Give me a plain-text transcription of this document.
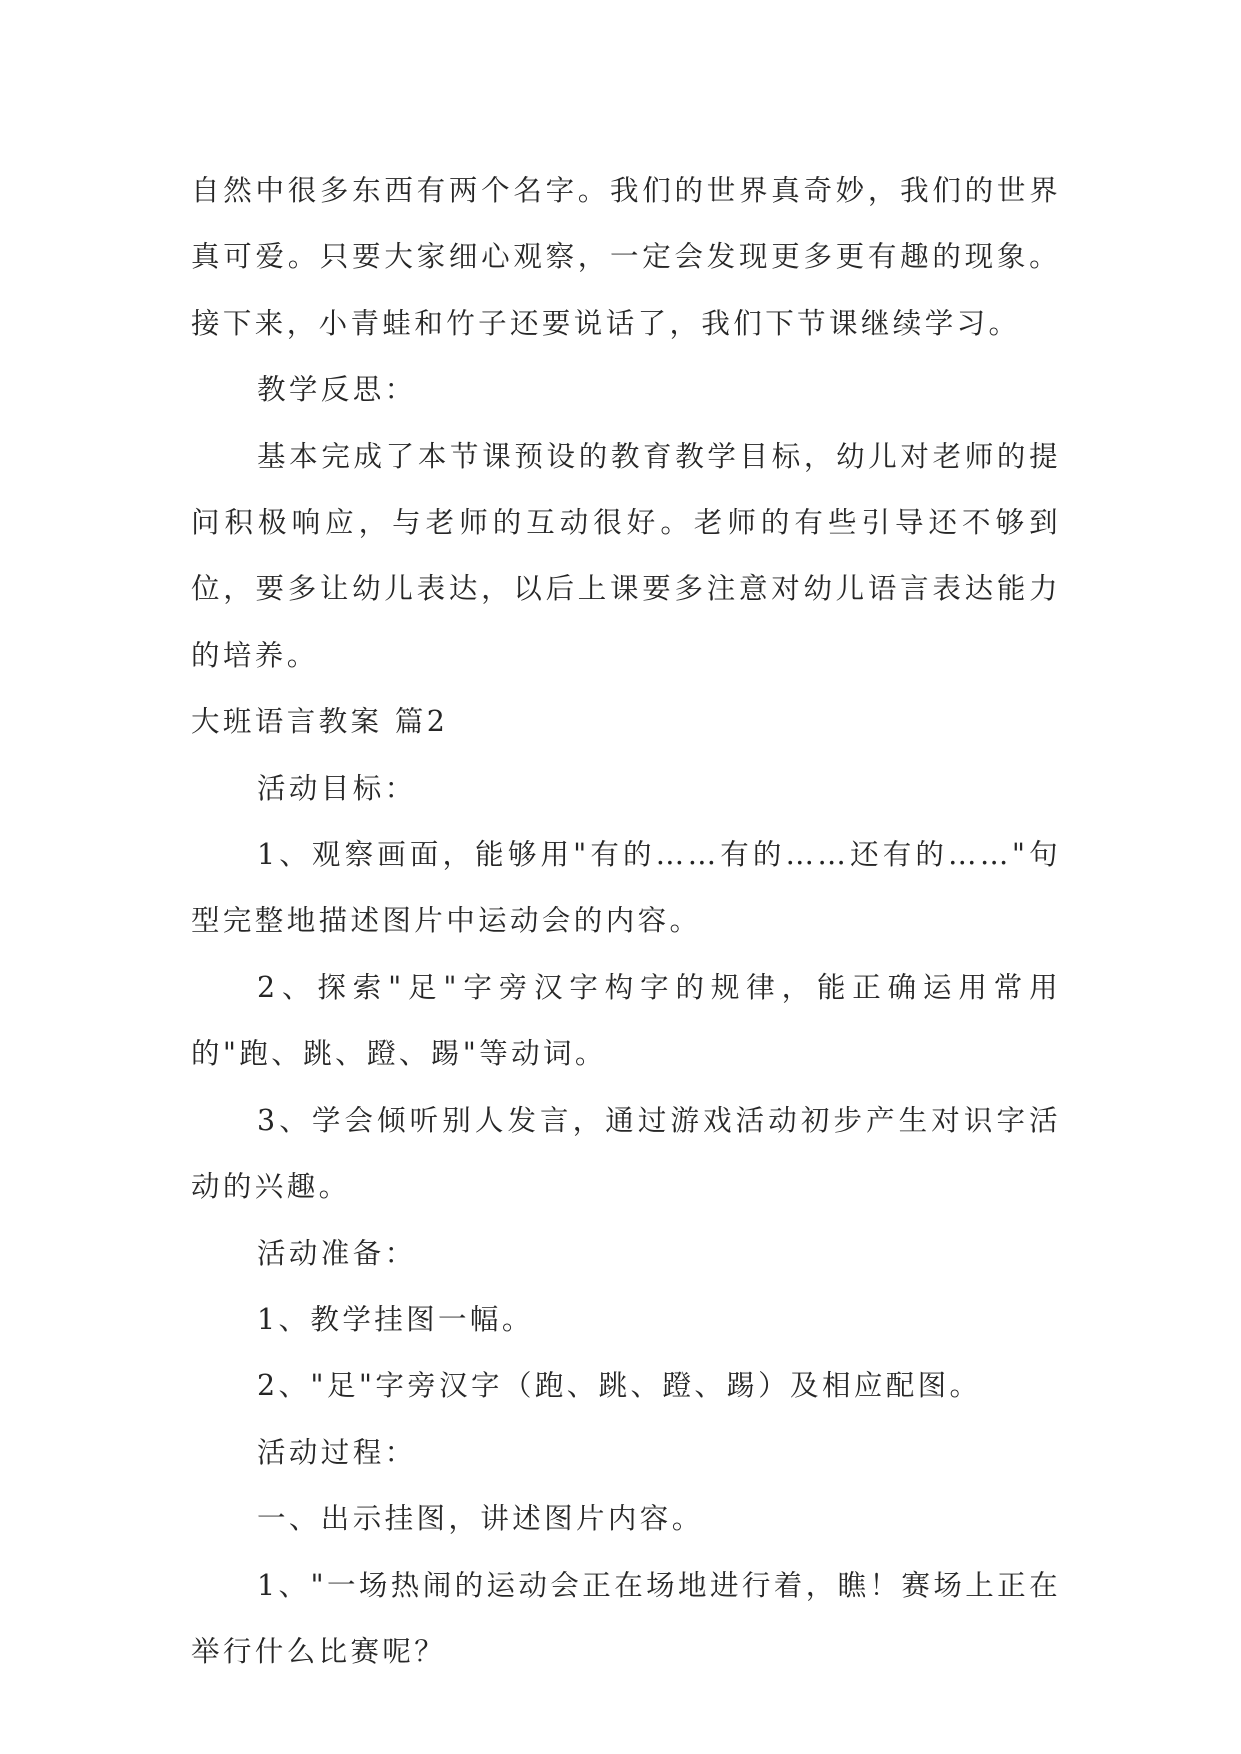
自然中很多东西有两个名字。我们的世界真奇妙，我们的世界真可爱。只要大家细心观察，一定会发现更多更有趣的现象。接下来，小青蛙和竹子还要说话了，我们下节课继续学习。

教学反思：

基本完成了本节课预设的教育教学目标，幼儿对老师的提问积极响应，与老师的互动很好。老师的有些引导还不够到位，要多让幼儿表达，以后上课要多注意对幼儿语言表达能力的培养。

大班语言教案 篇2

活动目标：

1、观察画面，能够用"有的……有的……还有的……"句型完整地描述图片中运动会的内容。

2、探索"足"字旁汉字构字的规律，能正确运用常用的"跑、跳、蹬、踢"等动词。

3、学会倾听别人发言，通过游戏活动初步产生对识字活动的兴趣。

活动准备：

1、教学挂图一幅。

2、"足"字旁汉字（跑、跳、蹬、踢）及相应配图。

活动过程：

一、出示挂图，讲述图片内容。

1、"一场热闹的运动会正在场地进行着，瞧！赛场上正在举行什么比赛呢？
